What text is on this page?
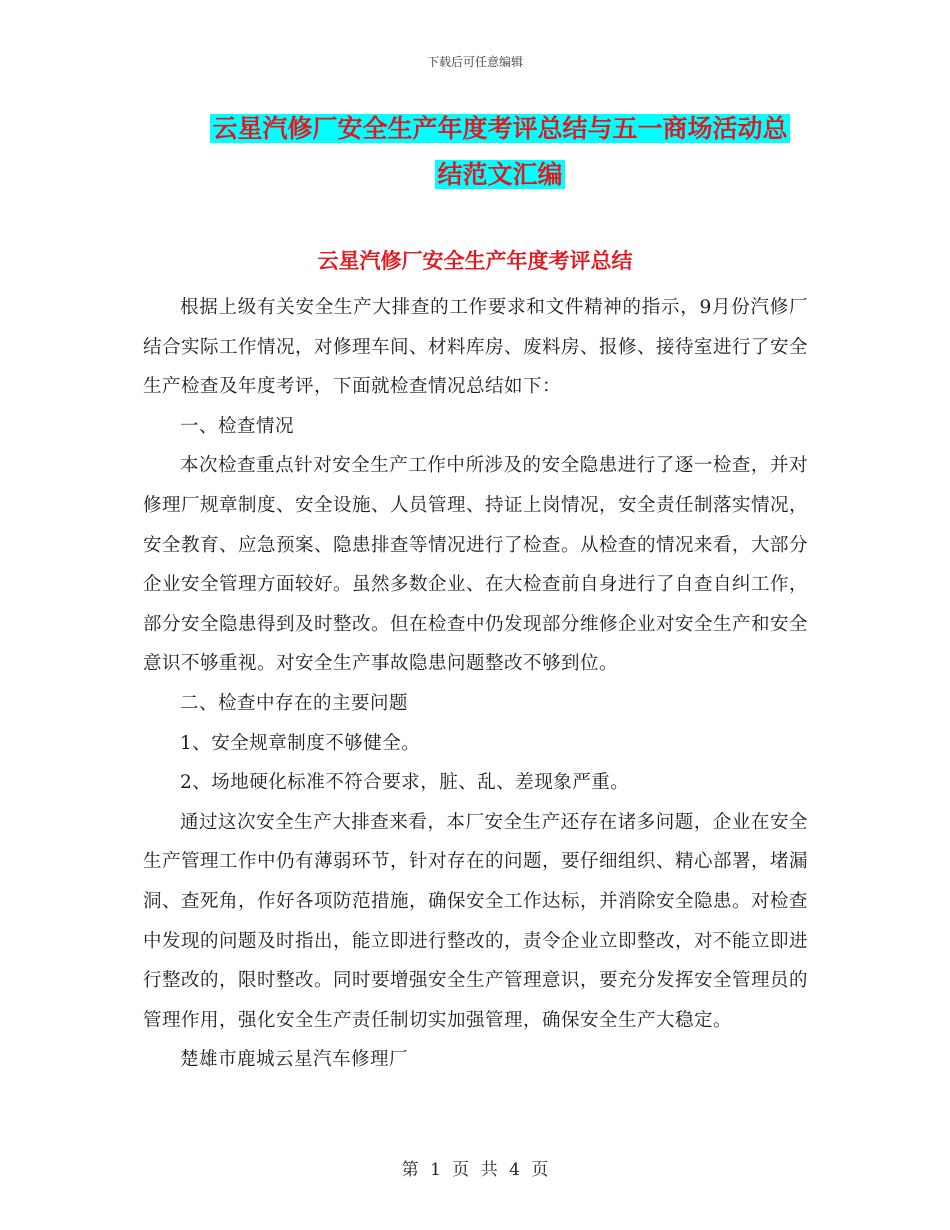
下载后可任意编辑
云星汽修厂安全生产年度考评总结与五一商场活动总
结范文汇编
云星汽修厂安全生产年度考评总结

根据上级有关安全生产大排查的工作要求和文件精神的指示，9月份汽修厂结合实际工作情况，对修理车间、材料库房、废料房、报修、接待室进行了安全生产检查及年度考评，下面就检查情况总结如下：

一、检查情况

本次检查重点针对安全生产工作中所涉及的安全隐患进行了逐一检查，并对修理厂规章制度、安全设施、人员管理、持证上岗情况，安全责任制落实情况，安全教育、应急预案、隐患排查等情况进行了检查。从检查的情况来看，大部分企业安全管理方面较好。虽然多数企业、在大检查前自身进行了自查自纠工作，部分安全隐患得到及时整改。但在检查中仍发现部分维修企业对安全生产和安全意识不够重视。对安全生产事故隐患问题整改不够到位。

二、检查中存在的主要问题

1、安全规章制度不够健全。

2、场地硬化标准不符合要求，脏、乱、差现象严重。

通过这次安全生产大排查来看，本厂安全生产还存在诸多问题，企业在安全生产管理工作中仍有薄弱环节，针对存在的问题，要仔细组织、精心部署，堵漏洞、查死角，作好各项防范措施，确保安全工作达标，并消除安全隐患。对检查中发现的问题及时指出，能立即进行整改的，责令企业立即整改，对不能立即进行整改的，限时整改。同时要增强安全生产管理意识，要充分发挥安全管理员的管理作用，强化安全生产责任制切实加强管理，确保安全生产大稳定。

楚雄市鹿城云星汽车修理厂

第 1 页 共 4 页
